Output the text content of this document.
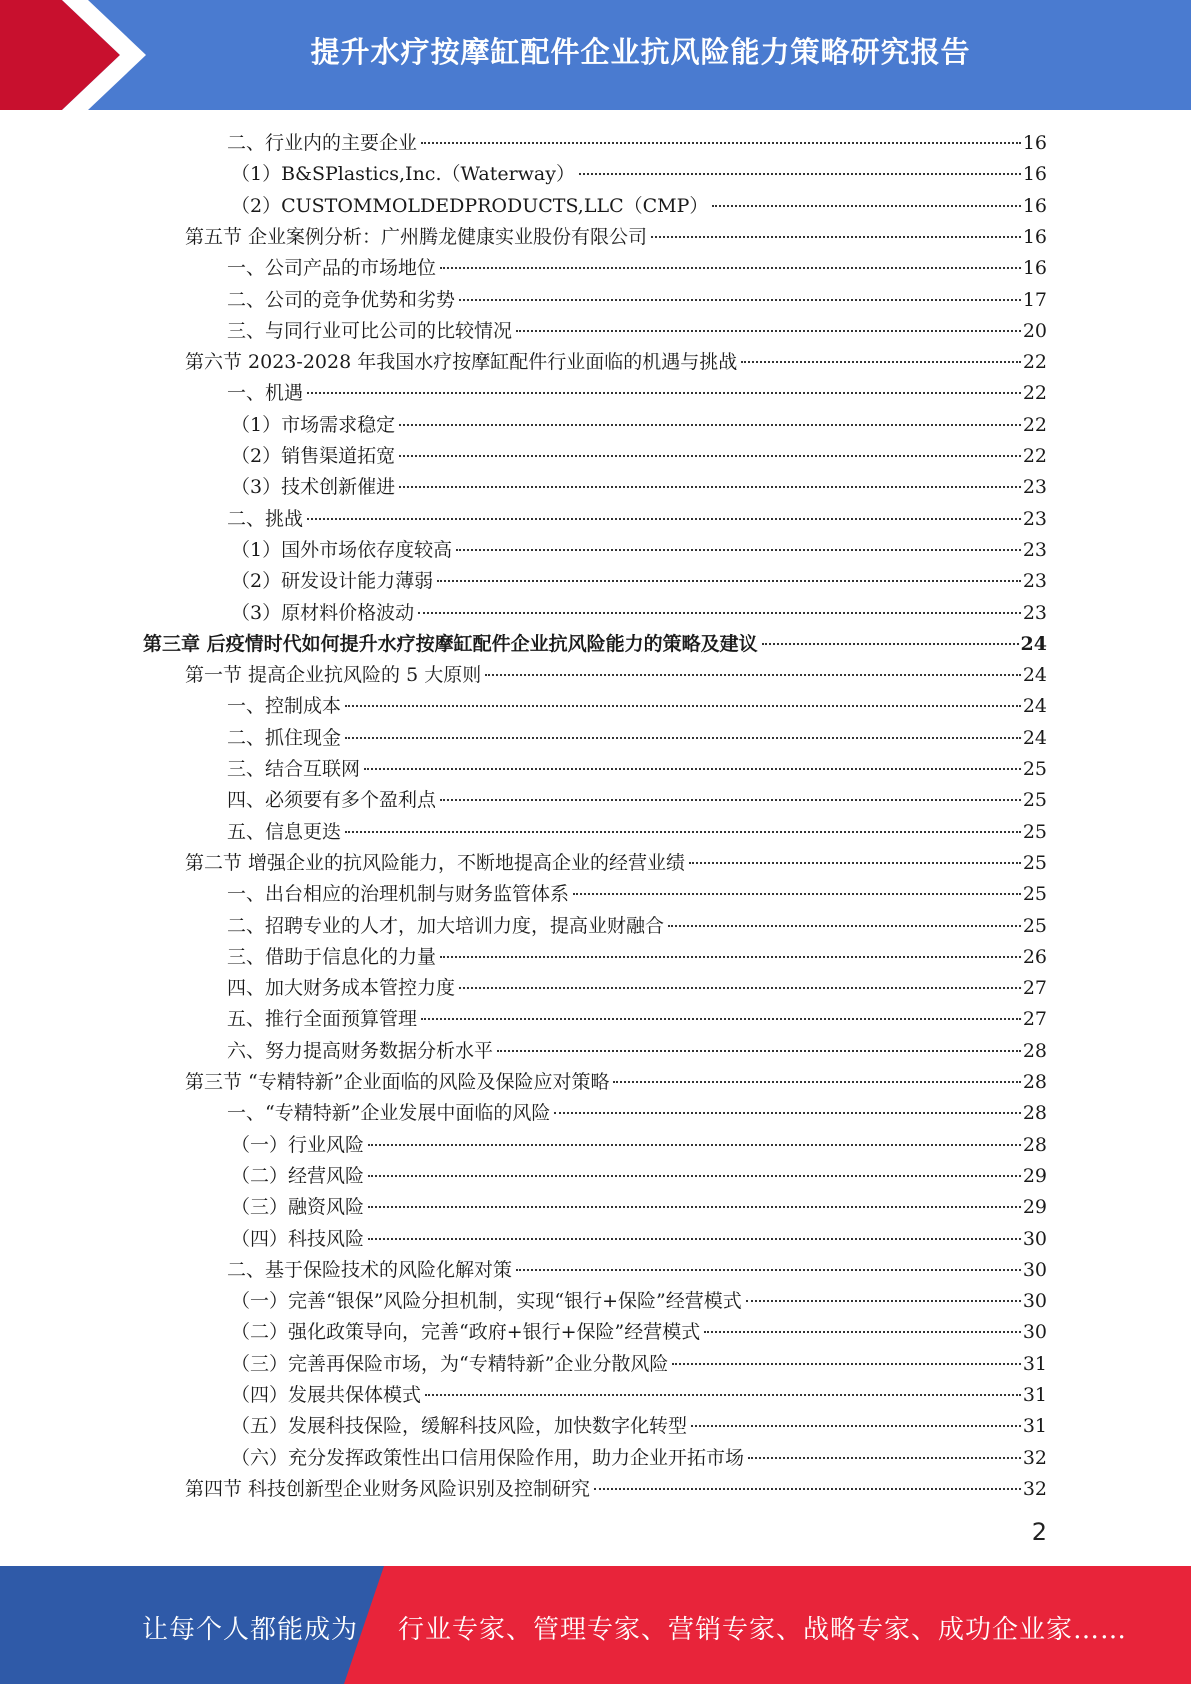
提升水疗按摩缸配件企业抗风险能力策略研究报告
二、行业内的主要企业	16
（1）B&SPlastics,Inc.（Waterway）	16
（2）CUSTOMMOLDEDPRODUCTS,LLC（CMP）	16
第五节 企业案例分析：广州腾龙健康实业股份有限公司	16
一、公司产品的市场地位	16
二、公司的竞争优势和劣势	17
三、与同行业可比公司的比较情况	20
第六节 2023-2028 年我国水疗按摩缸配件行业面临的机遇与挑战	22
一、机遇	22
（1）市场需求稳定	22
（2）销售渠道拓宽	22
（3）技术创新催进	23
二、挑战	23
（1）国外市场依存度较高	23
（2）研发设计能力薄弱	23
（3）原材料价格波动	23
第三章 后疫情时代如何提升水疗按摩缸配件企业抗风险能力的策略及建议	24
第一节 提高企业抗风险的 5 大原则	24
一、控制成本	24
二、抓住现金	24
三、结合互联网	25
四、必须要有多个盈利点	25
五、信息更迭	25
第二节 增强企业的抗风险能力，不断地提高企业的经营业绩	25
一、出台相应的治理机制与财务监管体系	25
二、招聘专业的人才，加大培训力度，提高业财融合	25
三、借助于信息化的力量	26
四、加大财务成本管控力度	27
五、推行全面预算管理	27
六、努力提高财务数据分析水平	28
第三节 “专精特新”企业面临的风险及保险应对策略	28
一、“专精特新”企业发展中面临的风险	28
（一）行业风险	28
（二）经营风险	29
（三）融资风险	29
（四）科技风险	30
二、基于保险技术的风险化解对策	30
（一）完善“银保”风险分担机制，实现“银行+保险”经营模式	30
（二）强化政策导向，完善“政府+银行+保险”经营模式	30
（三）完善再保险市场，为“专精特新”企业分散风险	31
（四）发展共保体模式	31
（五）发展科技保险，缓解科技风险，加快数字化转型	31
（六）充分发挥政策性出口信用保险作用，助力企业开拓市场	32
第四节 科技创新型企业财务风险识别及控制研究	32
2
让每个人都能成为 行业专家、管理专家、营销专家、战略专家、成功企业家……
